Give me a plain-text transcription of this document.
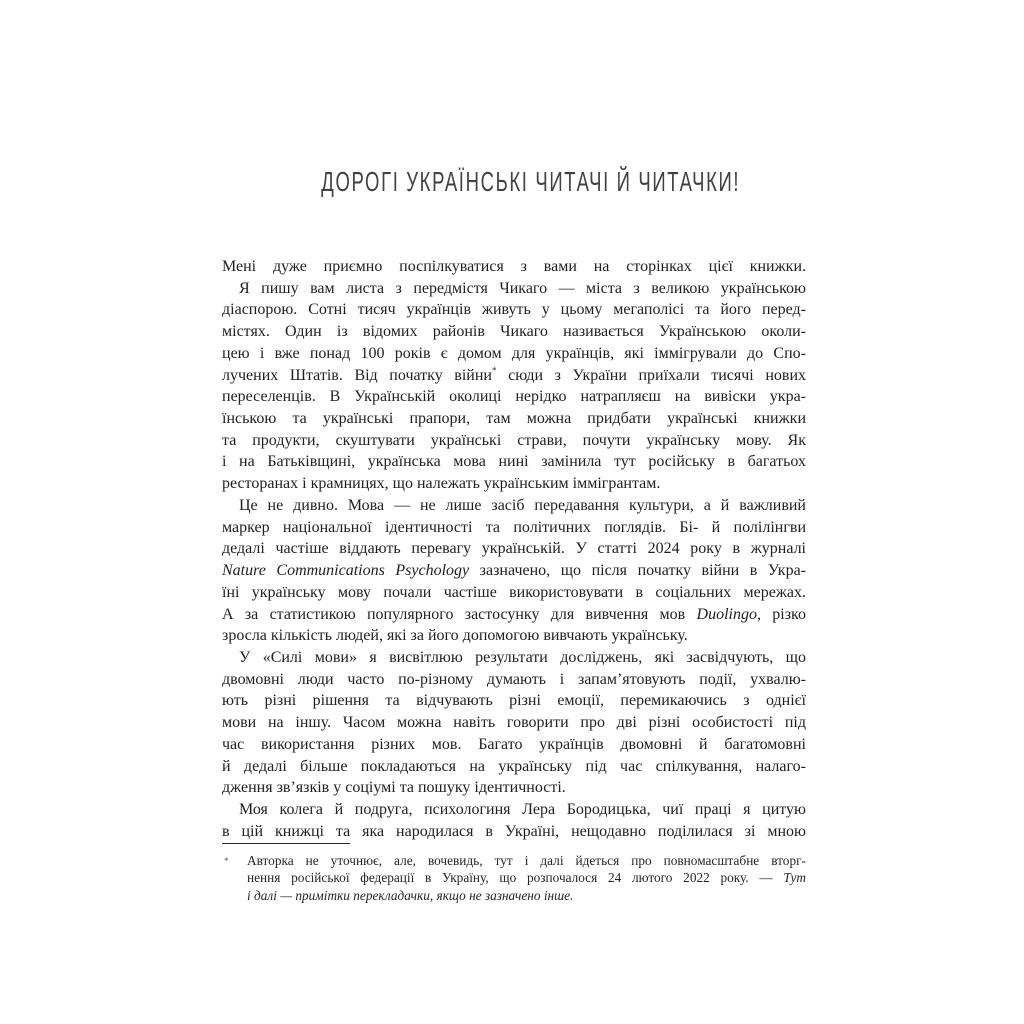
ДОРОГІ УКРАЇНСЬКІ ЧИТАЧІ Й ЧИТАЧКИ!
Мені дуже приємно поспілкуватися з вами на сторінках цієї книжки.
Я пишу вам листа з передмістя Чикаго — міста з великою українською
діаспорою. Сотні тисяч українців живуть у цьому мегаполісі та його перед-
містях. Один із відомих районів Чикаго називається Українською околи-
цею і вже понад 100 років є домом для українців, які іммігрували до Спо-
лучених Штатів. Від початку війни* сюди з України приїхали тисячі нових
переселенців. В Українській околиці нерідко натрапляєш на вивіски укра-
їнською та українські прапори, там можна придбати українські книжки
та продукти, скуштувати українські страви, почути українську мову. Як
і на Батьківщині, українська мова нині замінила тут російську в багатьох
ресторанах і крамницях, що належать українським іммігрантам.
Це не дивно. Мова — не лише засіб передавання культури, а й важливий
маркер національної ідентичності та політичних поглядів. Бі- й полілінгви
дедалі частіше віддають перевагу українській. У статті 2024 року в журналі
Nature Communications Psychology зазначено, що після початку війни в Укра-
їні українську мову почали частіше використовувати в соціальних мережах.
А за статистикою популярного застосунку для вивчення мов Duolingo, різко
зросла кількість людей, які за його допомогою вивчають українську.
У «Силі мови» я висвітлюю результати досліджень, які засвідчують, що
двомовні люди часто по-різному думають і запам’ятовують події, ухвалю-
ють різні рішення та відчувають різні емоції, перемикаючись з однієї
мови на іншу. Часом можна навіть говорити про дві різні особистості під
час використання різних мов. Багато українців двомовні й багатомовні
й дедалі більше покладаються на українську під час спілкування, налаго-
дження зв’язків у соціумі та пошуку ідентичності.
Моя колега й подруга, психологиня Лера Бородицька, чиї праці я цитую
в цій книжці та яка народилася в Україні, нещодавно поділилася зі мною
* Авторка не уточнює, але, вочевидь, тут і далі йдеться про повномасштабне вторг-
нення російської федерації в Україну, що розпочалося 24 лютого 2022 року. — Тут
і далі — примітки перекладачки, якщо не зазначено інше.
